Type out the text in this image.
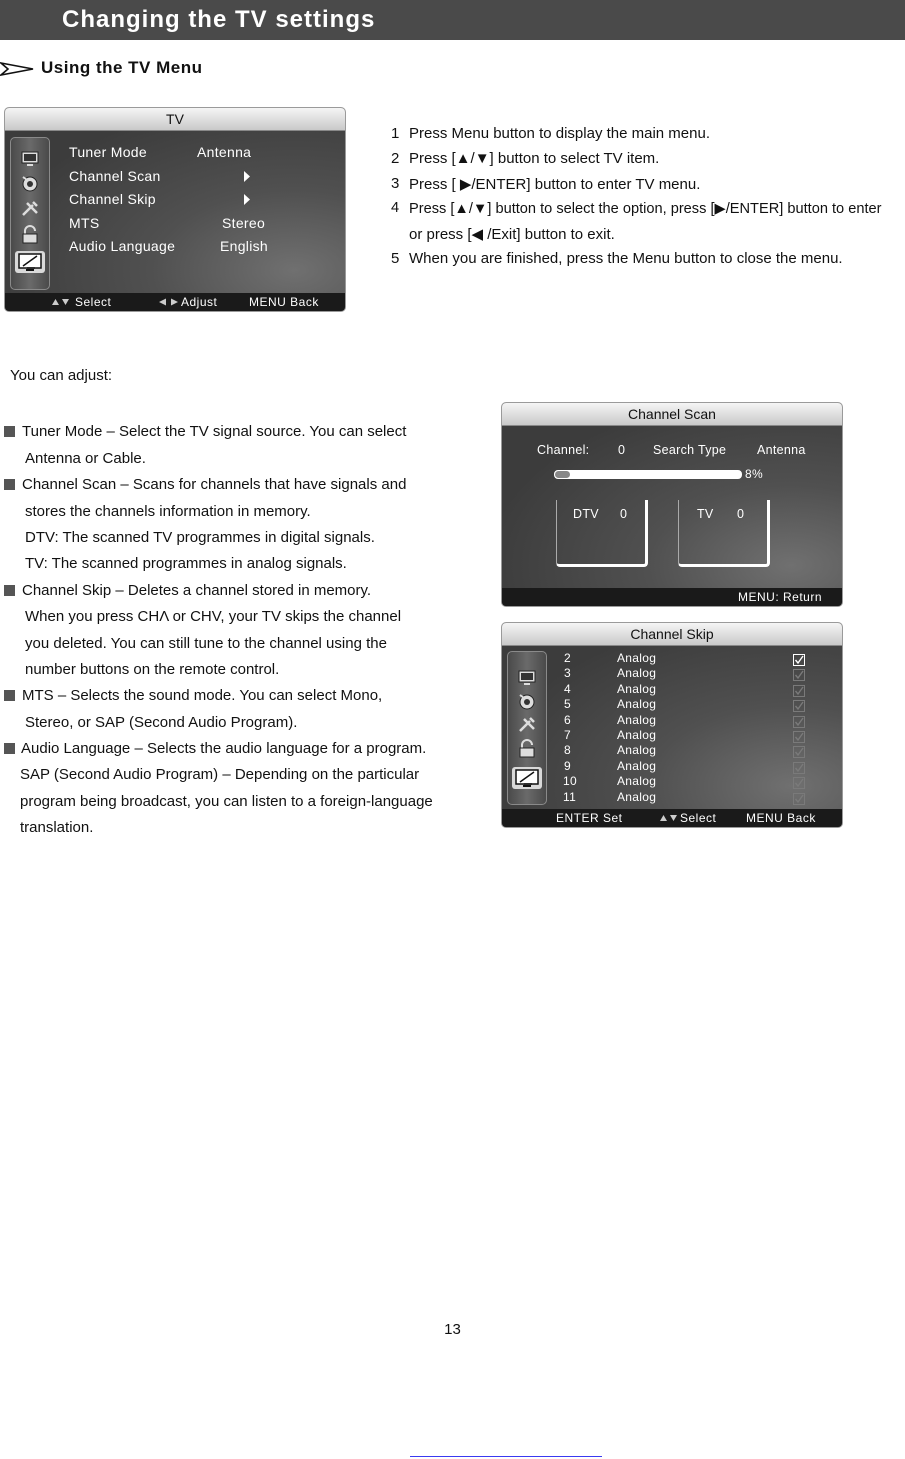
Changing the TV settings
Using the TV Menu
TV
Tuner Mode	Antenna
Channel Scan
Channel Skip
MTS	Stereo
Audio Language	English
Select	Adjust	MENU Back
1 Press Menu button to display the main menu.
2 Press [▲/▼] button to select TV item.
3 Press [ ▶/ENTER] button to enter TV menu.
4 Press [▲/▼] button to select the option, press [▶/ENTER] button to enter
or press [◀ /Exit] button to exit.
5 When you are finished, press the Menu button to close the menu.
You can adjust:
Tuner Mode – Select the TV signal source. You can select
Antenna or Cable.
Channel Scan – Scans for channels that have signals and
stores the channels information in memory.
DTV: The scanned TV programmes in digital signals.
TV: The scanned programmes in analog signals.
Channel Skip – Deletes a channel stored in memory.
When you press CHΛ or CHV, your TV skips the channel
you deleted. You can still tune to the channel using the
number buttons on the remote control.
MTS – Selects the sound mode. You can select Mono,
Stereo, or SAP (Second Audio Program).
Audio Language – Selects the audio language for a program.
SAP (Second Audio Program) – Depending on the particular
program being broadcast, you can listen to a foreign-language
translation.
Channel Scan
Channel: 0 Search Type Antenna
8%
DTV 0	TV 0
MENU: Return
Channel Skip
2	Analog
3	Analog
4	Analog
5	Analog
6	Analog
7	Analog
8	Analog
9	Analog
10	Analog
11	Analog
ENTER Set	Select MENU Back
13
